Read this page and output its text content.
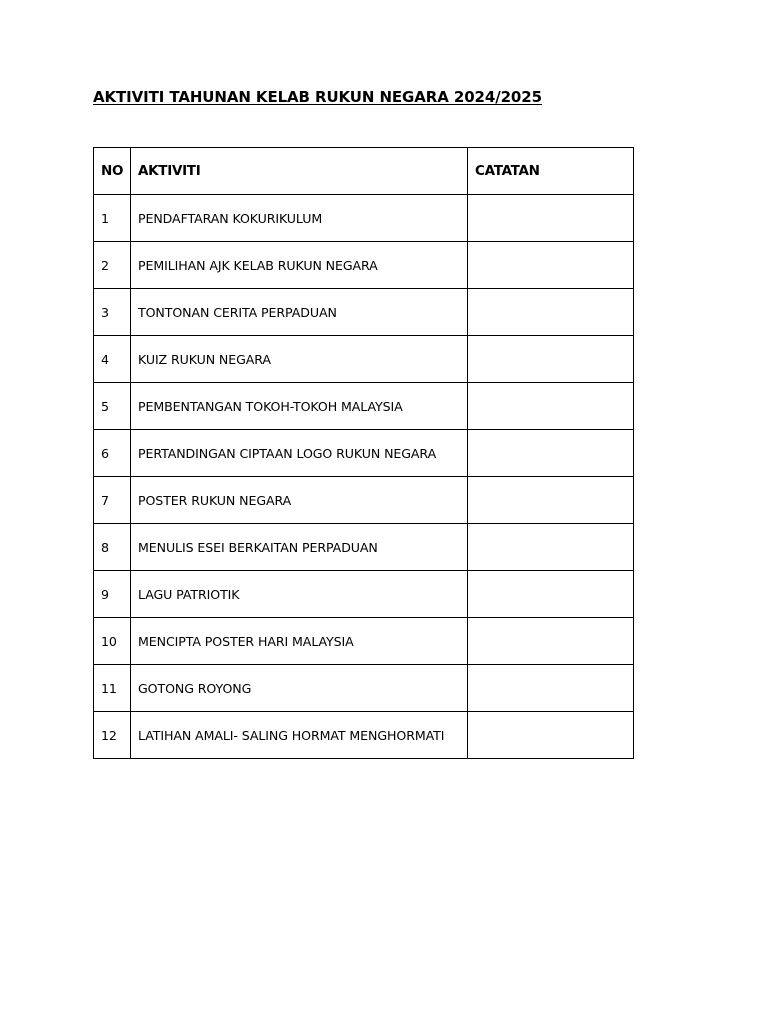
AKTIVITI TAHUNAN KELAB RUKUN NEGARA 2024/2025
NO	AKTIVITI	CATATAN
1	PENDAFTARAN KOKURIKULUM	
2	PEMILIHAN AJK KELAB RUKUN NEGARA	
3	TONTONAN CERITA PERPADUAN	
4	KUIZ RUKUN NEGARA	
5	PEMBENTANGAN TOKOH-TOKOH MALAYSIA	
6	PERTANDINGAN CIPTAAN LOGO RUKUN NEGARA	
7	POSTER RUKUN NEGARA	
8	MENULIS ESEI BERKAITAN PERPADUAN	
9	LAGU PATRIOTIK	
10	MENCIPTA POSTER HARI MALAYSIA	
11	GOTONG ROYONG	
12	LATIHAN AMALI- SALING HORMAT MENGHORMATI	
